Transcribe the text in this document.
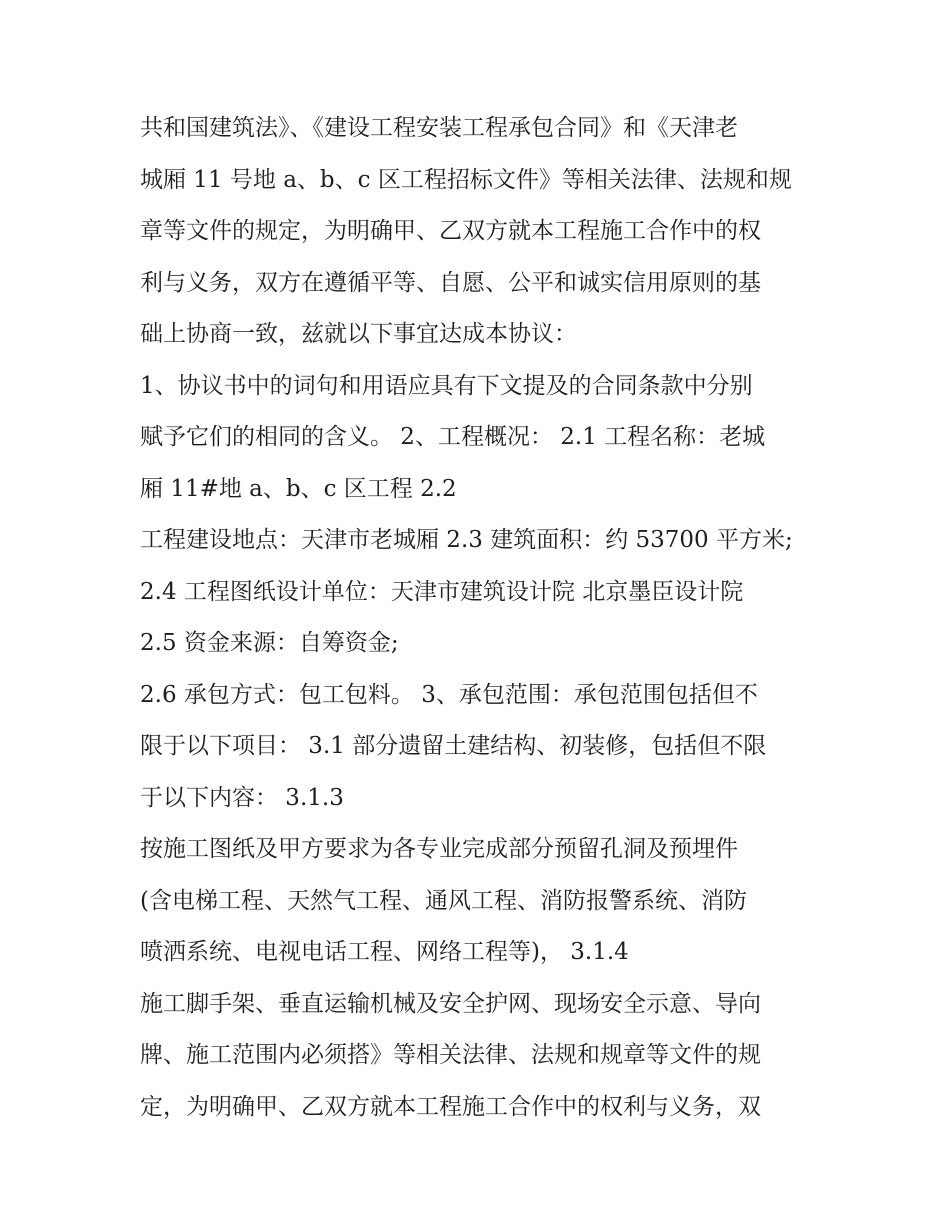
共和国建筑法》、《建设工程安装工程承包合同》和《天津老
城厢 11 号地 a、b、c 区工程招标文件》等相关法律、法规和规
章等文件的规定，为明确甲、乙双方就本工程施工合作中的权
利与义务，双方在遵循平等、自愿、公平和诚实信用原则的基
础上协商一致，兹就以下事宜达成本协议：
1、协议书中的词句和用语应具有下文提及的合同条款中分别
赋予它们的相同的含义。 2、工程概况： 2.1 工程名称：老城
厢 11#地 a、b、c 区工程 2.2
工程建设地点：天津市老城厢 2.3 建筑面积：约 53700 平方米;
2.4 工程图纸设计单位：天津市建筑设计院 北京墨臣设计院
2.5 资金来源：自筹资金;
2.6 承包方式：包工包料。 3、承包范围：承包范围包括但不
限于以下项目： 3.1 部分遗留土建结构、初装修，包括但不限
于以下内容： 3.1.3
按施工图纸及甲方要求为各专业完成部分预留孔洞及预埋件
(含电梯工程、天然气工程、通风工程、消防报警系统、消防
喷洒系统、电视电话工程、网络工程等)， 3.1.4
施工脚手架、垂直运输机械及安全护网、现场安全示意、导向
牌、施工范围内必须搭》等相关法律、法规和规章等文件的规
定，为明确甲、乙双方就本工程施工合作中的权利与义务，双
